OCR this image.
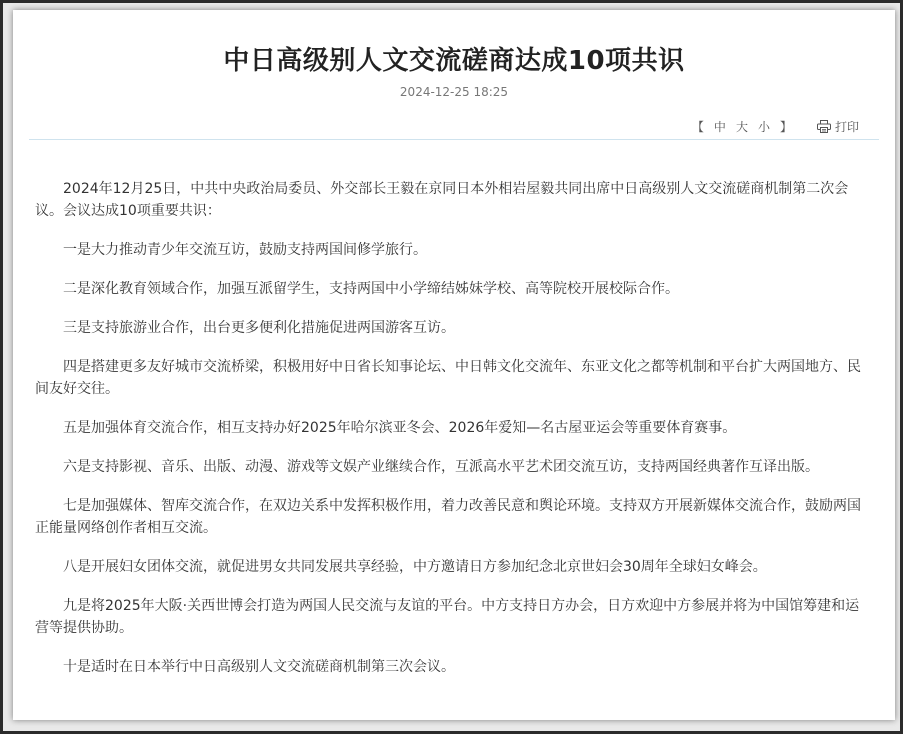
中日高级别人文交流磋商达成10项共识
2024-12-25 18:25
【 中 大 小 】	打印

2024年12月25日，中共中央政治局委员、外交部长王毅在京同日本外相岩屋毅共同出席中日高级别人文交流磋商机制第二次会议。会议达成10项重要共识：

一是大力推动青少年交流互访，鼓励支持两国间修学旅行。

二是深化教育领域合作，加强互派留学生，支持两国中小学缔结姊妹学校、高等院校开展校际合作。

三是支持旅游业合作，出台更多便利化措施促进两国游客互访。

四是搭建更多友好城市交流桥梁，积极用好中日省长知事论坛、中日韩文化交流年、东亚文化之都等机制和平台扩大两国地方、民间友好交往。

五是加强体育交流合作，相互支持办好2025年哈尔滨亚冬会、2026年爱知—名古屋亚运会等重要体育赛事。

六是支持影视、音乐、出版、动漫、游戏等文娱产业继续合作，互派高水平艺术团交流互访，支持两国经典著作互译出版。

七是加强媒体、智库交流合作，在双边关系中发挥积极作用，着力改善民意和舆论环境。支持双方开展新媒体交流合作，鼓励两国正能量网络创作者相互交流。

八是开展妇女团体交流，就促进男女共同发展共享经验，中方邀请日方参加纪念北京世妇会30周年全球妇女峰会。

九是将2025年大阪·关西世博会打造为两国人民交流与友谊的平台。中方支持日方办会，日方欢迎中方参展并将为中国馆筹建和运营等提供协助。

十是适时在日本举行中日高级别人文交流磋商机制第三次会议。
